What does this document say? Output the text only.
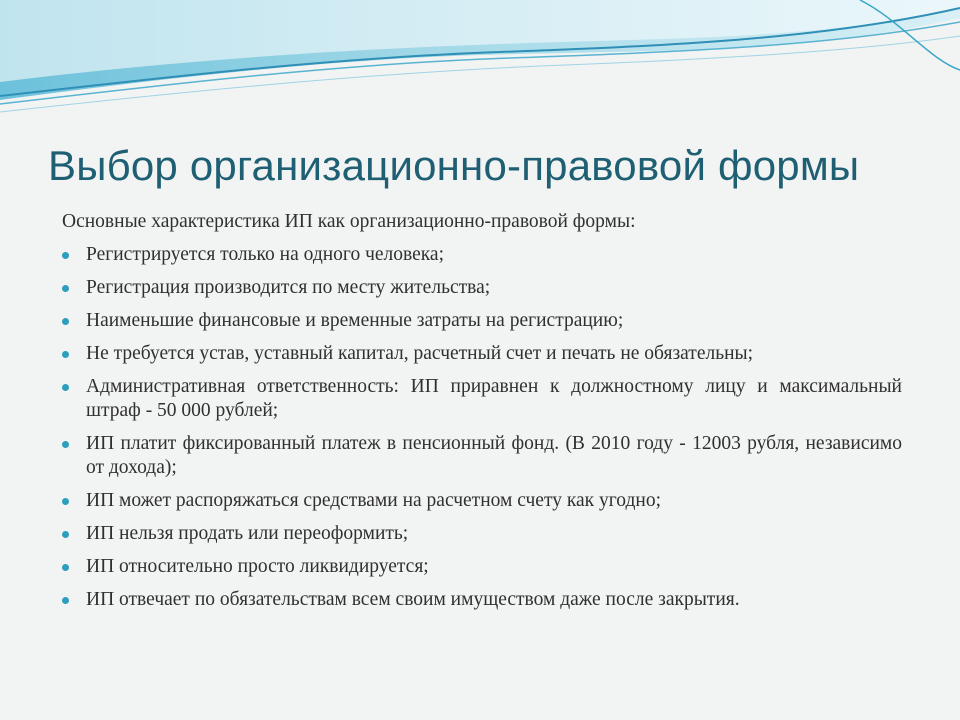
Выбор организационно-правовой формы

Основные характеристика ИП как организационно-правовой формы:

Регистрируется только на одного человека;
Регистрация производится по месту жительства;
Наименьшие финансовые и временные затраты на регистрацию;
Не требуется устав, уставный капитал, расчетный счет и печать не обязательны;
Административная ответственность: ИП приравнен к должностному лицу и максимальный штраф - 50 000 рублей;
ИП платит фиксированный платеж в пенсионный фонд. (В 2010 году - 12003 рубля, независимо от дохода);
ИП может распоряжаться средствами на расчетном счету как угодно;
ИП нельзя продать или переоформить;
ИП относительно просто ликвидируется;
ИП отвечает по обязательствам всем своим имуществом даже после закрытия.
